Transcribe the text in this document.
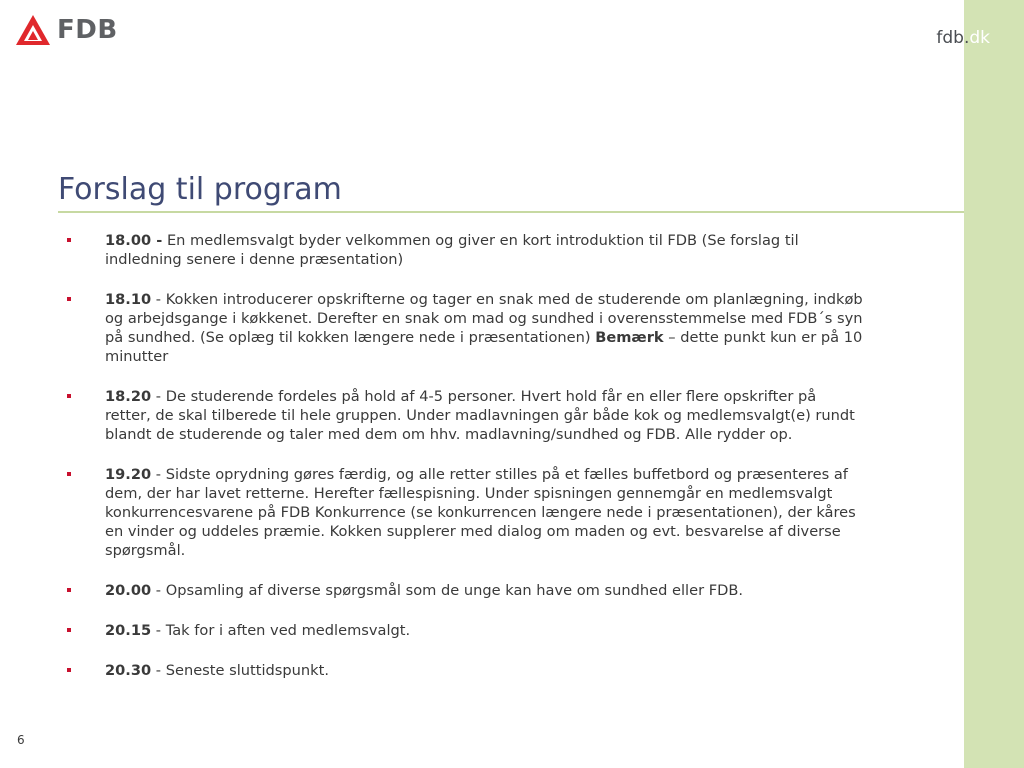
FDB	fdb.dk
Forslag til program
18.00 - En medlemsvalgt byder velkommen og giver en kort introduktion til FDB (Se forslag til indledning senere i denne præsentation)
18.10 - Kokken introducerer opskrifterne og tager en snak med de studerende om planlægning, indkøb og arbejdsgange i køkkenet. Derefter en snak om mad og sundhed i overensstemmelse med FDB´s syn på sundhed. (Se oplæg til kokken længere nede i præsentationen) Bemærk – dette punkt kun er på 10 minutter
18.20 - De studerende fordeles på hold af 4-5 personer. Hvert hold får en eller flere opskrifter på retter, de skal tilberede til hele gruppen. Under madlavningen går både kok og medlemsvalgt(e) rundt blandt de studerende og taler med dem om hhv. madlavning/sundhed og FDB. Alle rydder op.
19.20 - Sidste oprydning gøres færdig, og alle retter stilles på et fælles buffetbord og præsenteres af dem, der har lavet retterne. Herefter fællespisning. Under spisningen gennemgår en medlemsvalgt konkurrencesvarene på FDB Konkurrence (se konkurrencen længere nede i præsentationen), der kåres en vinder og uddeles præmie. Kokken supplerer med dialog om maden og evt. besvarelse af diverse spørgsmål.
20.00 - Opsamling af diverse spørgsmål som de unge kan have om sundhed eller FDB.
20.15 - Tak for i aften ved medlemsvalgt.
20.30 - Seneste sluttidspunkt.
6
